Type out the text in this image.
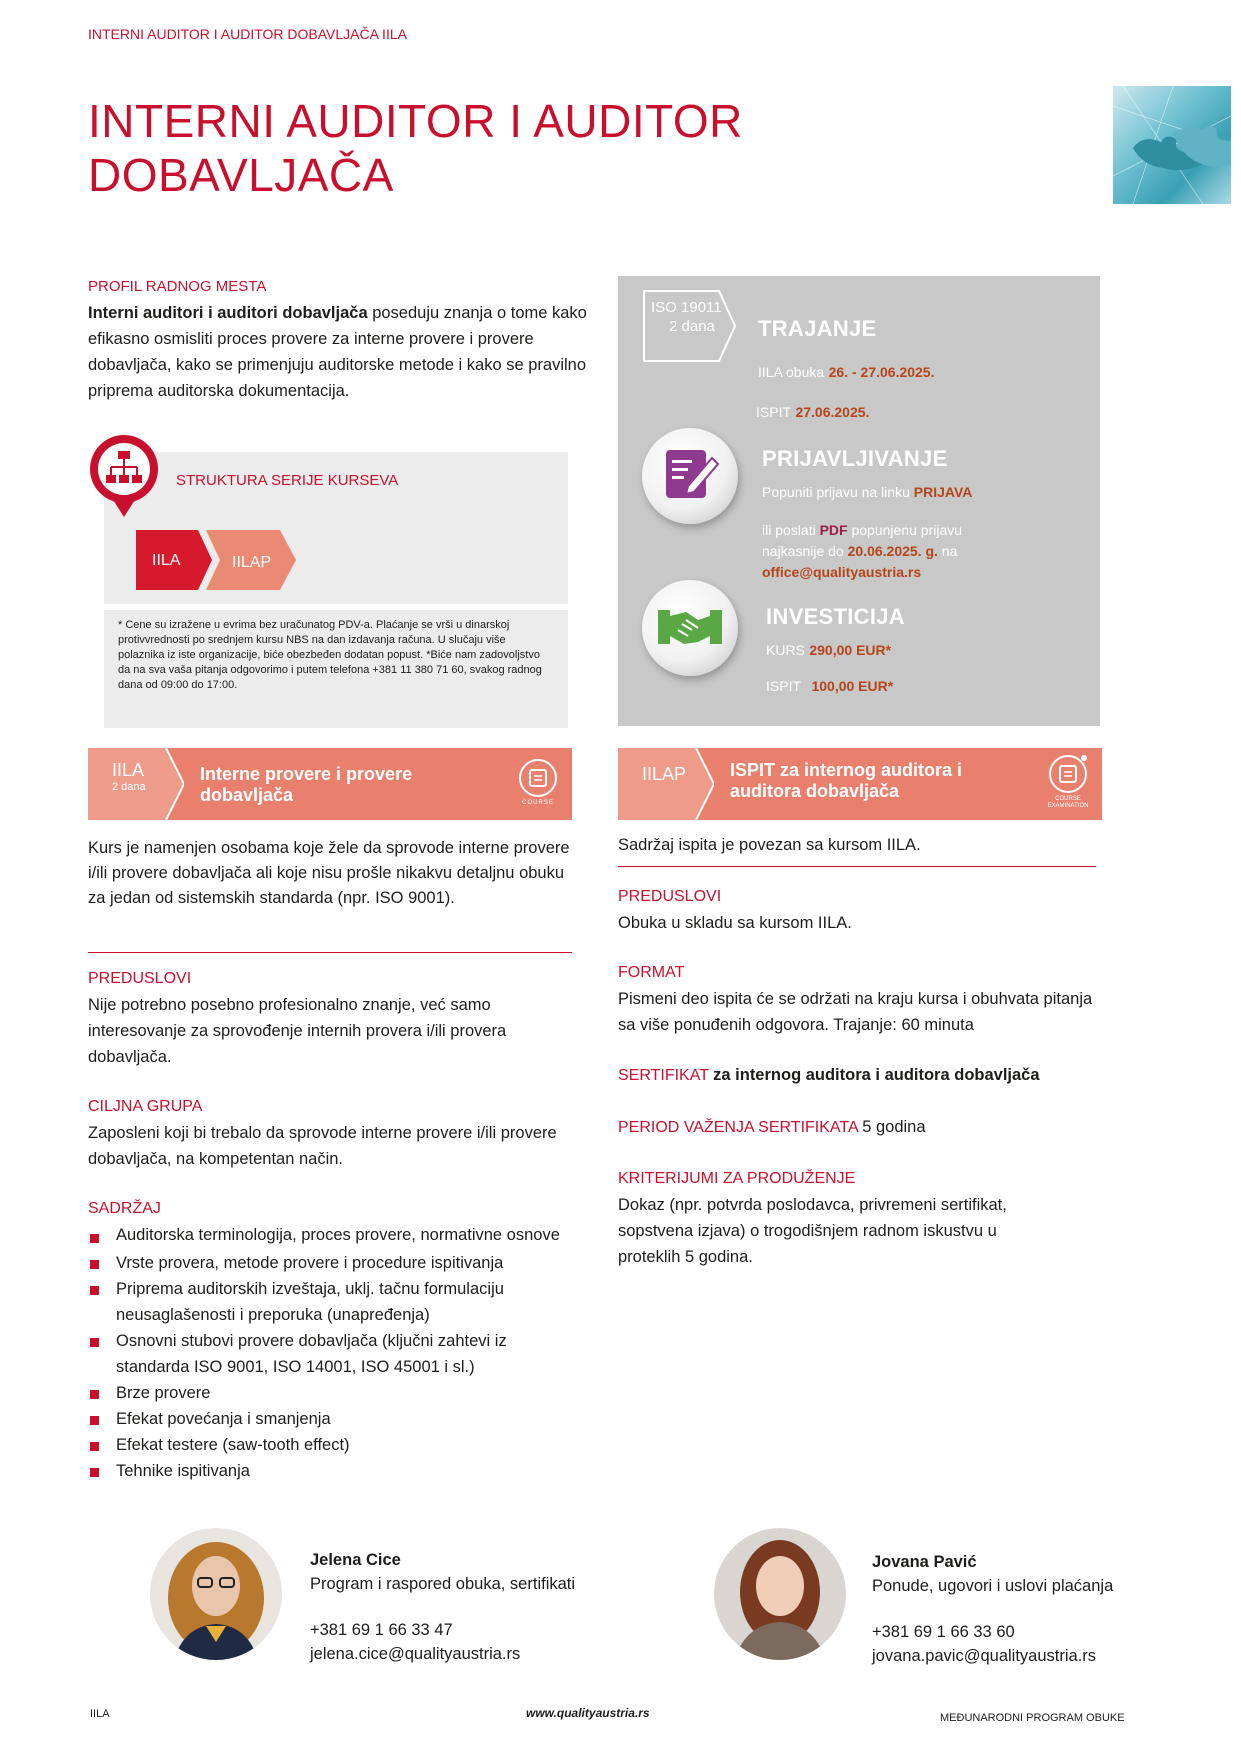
INTERNI AUDITOR I AUDITOR DOBAVLJAČA IILA
INTERNI AUDITOR I AUDITOR
DOBAVLJAČA
PROFIL RADNOG MESTA
Interni auditori i auditori dobavljača poseduju znanja o tome kako efikasno osmisliti proces provere za interne provere i provere dobavljača, kako se primenjuju auditorske metode i kako se pravilno priprema auditorska dokumentacija.
STRUKTURA SERIJE KURSEVA
IILA	IILAP
* Cene su izražene u evrima bez uračunatog PDV-a. Plaćanje se vrši u dinarskoj protivvrednosti po srednjem kursu NBS na dan izdavanja računa. U slučaju više polaznika iz iste organizacije, biće obezbeđen dodatan popust. *Biće nam zadovoljstvo da na sva vaša pitanja odgovorimo i putem telefona +381 11 380 71 60, svakog radnog dana od 09:00 do 17:00.
ISO 19011
2 dana	TRAJANJE
IILA obuka 26. - 27.06.2025.
ISPIT 27.06.2025.
PRIJAVLJIVANJE
Popuniti prijavu na linku PRIJAVA
ili poslati PDF popunjenu prijavu
najkasnije do 20.06.2025. g. na
office@qualityaustria.rs
INVESTICIJA
KURS 290,00 EUR*
ISPIT 100,00 EUR*
IILA
2 dana
Interne provere i provere
dobavljača	COURSE
IILAP ISPIT za internog auditora i
auditora dobavljača	COURSE EXAMINATION
Kurs je namenjen osobama koje žele da sprovode interne provere i/ili provere dobavljača ali koje nisu prošle nikakvu detaljnu obuku za jedan od sistemskih standarda (npr. ISO 9001).
PREDUSLOVI
Nije potrebno posebno profesionalno znanje, već samo interesovanje za sprovođenje internih provera i/ili provera dobavljača.
CILJNA GRUPA
Zaposleni koji bi trebalo da sprovode interne provere i/ili provere dobavljača, na kompetentan način.
SADRŽAJ
Auditorska terminologija, proces provere, normativne osnove
Vrste provera, metode provere i procedure ispitivanja
Priprema auditorskih izveštaja, uklj. tačnu formulaciju neusaglašenosti i preporuka (unapređenja)
Osnovni stubovi provere dobavljača (ključni zahtevi iz standarda ISO 9001, ISO 14001, ISO 45001 i sl.)
Brze provere
Efekat povećanja i smanjenja
Efekat testere (saw-tooth effect)
Tehnike ispitivanja
Sadržaj ispita je povezan sa kursom IILA.
PREDUSLOVI
Obuka u skladu sa kursom IILA.
FORMAT
Pismeni deo ispita će se održati na kraju kursa i obuhvata pitanja sa više ponuđenih odgovora. Trajanje: 60 minuta
SERTIFIKAT za internog auditora i auditora dobavljača
PERIOD VAŽENJA SERTIFIKATA 5 godina
KRITERIJUMI ZA PRODUŽENJE
Dokaz (npr. potvrda poslodavca, privremeni sertifikat, sopstvena izjava) o trogodišnjem radnom iskustvu u proteklih 5 godina.
Jelena Cice
Program i raspored obuka, sertifikati
+381 69 1 66 33 47
jelena.cice@qualityaustria.rs
Jovana Pavić
Ponude, ugovori i uslovi plaćanja
+381 69 1 66 33 60
jovana.pavic@qualityaustria.rs
IILA	www.qualityaustria.rs	MEĐUNARODNI PROGRAM OBUKE
